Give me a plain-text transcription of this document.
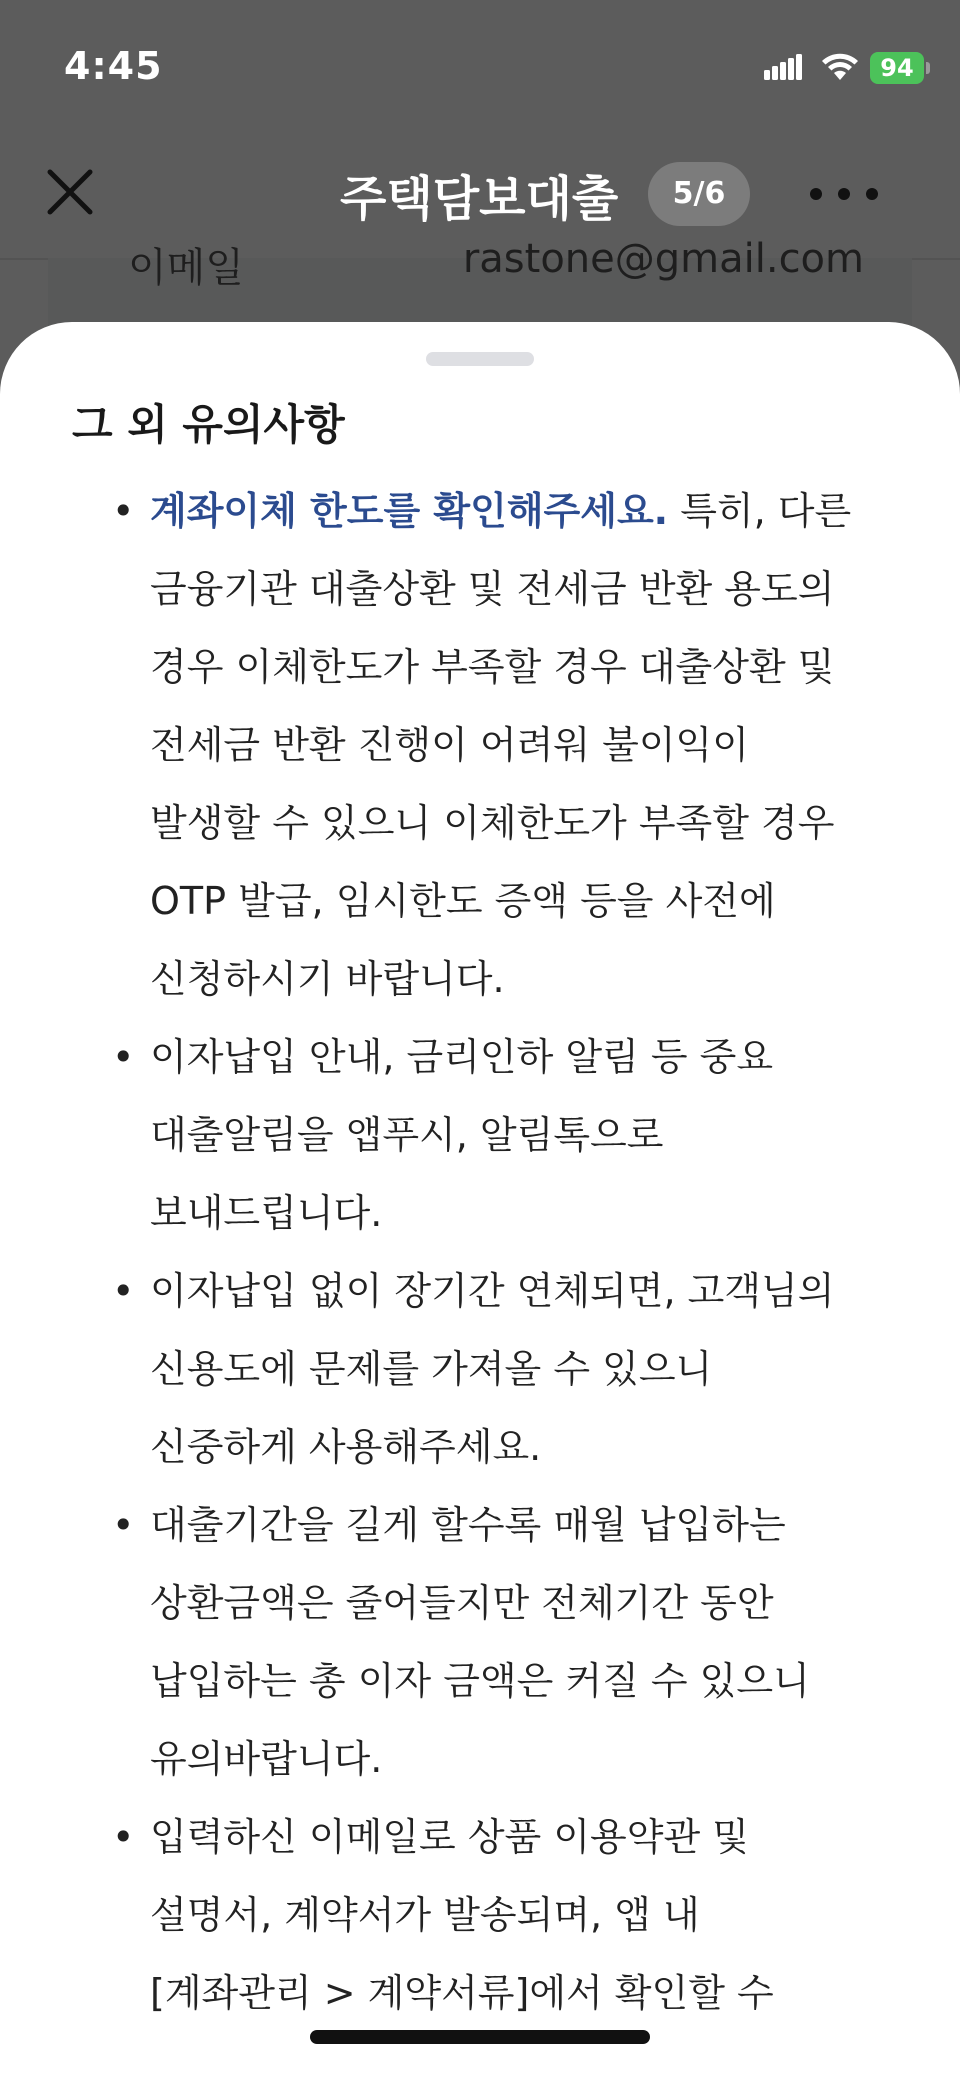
4:45	94
주택담보대출	5/6
그 외 유의사항
• 계좌이체 한도를 확인해주세요. 특히, 다른
금융기관 대출상환 및 전세금 반환 용도의
경우 이체한도가 부족할 경우 대출상환 및
전세금 반환 진행이 어려워 불이익이
발생할 수 있으니 이체한도가 부족할 경우
OTP 발급, 임시한도 증액 등을 사전에
신청하시기 바랍니다.
• 이자납입 안내, 금리인하 알림 등 중요
대출알림을 앱푸시, 알림톡으로
보내드립니다.
• 이자납입 없이 장기간 연체되면, 고객님의
신용도에 문제를 가져올 수 있으니
신중하게 사용해주세요.
• 대출기간을 길게 할수록 매월 납입하는
상환금액은 줄어들지만 전체기간 동안
납입하는 총 이자 금액은 커질 수 있으니
유의바랍니다.
• 입력하신 이메일로 상품 이용약관 및
설명서, 계약서가 발송되며, 앱 내
[계좌관리 > 계약서류]에서 확인할 수
